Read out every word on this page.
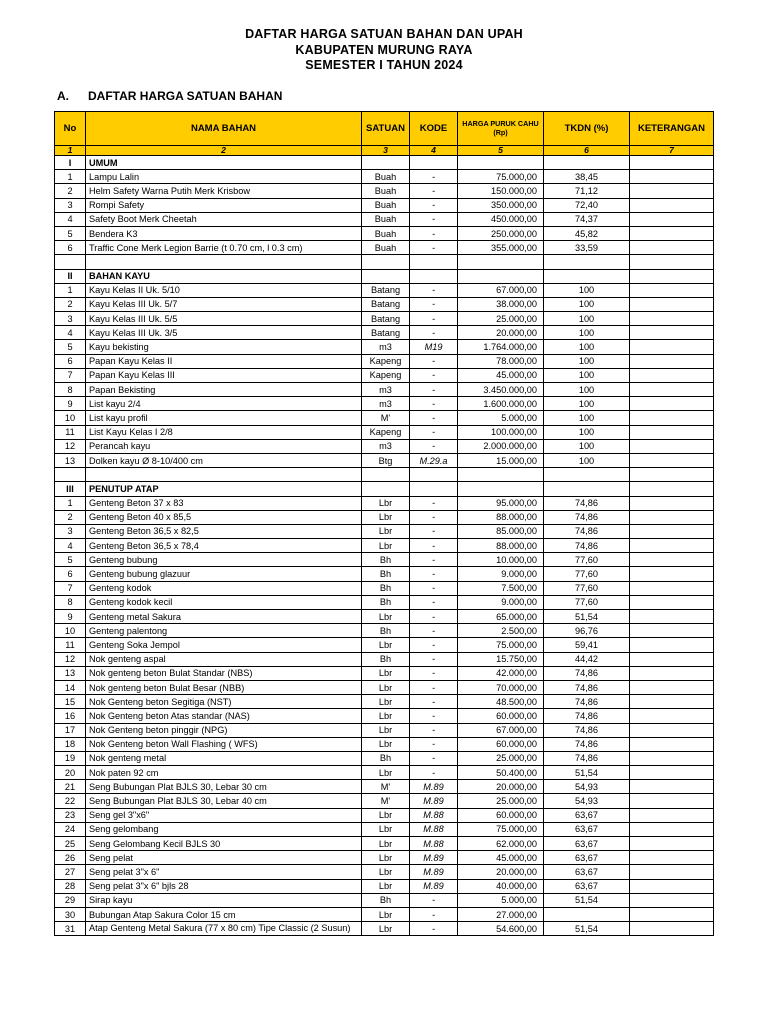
DAFTAR HARGA SATUAN BAHAN DAN UPAH
KABUPATEN MURUNG RAYA
SEMESTER I TAHUN 2024
A. DAFTAR HARGA SATUAN BAHAN
No	NAMA BAHAN	SATUAN	KODE	HARGA PURUK CAHU (Rp)	TKDN (%)	KETERANGAN
1	2	3	4	5	6	7
I	UMUM					
1	Lampu Lalin	Buah	-	75.000,00	38,45	
2	Helm Safety Warna Putih Merk Krisbow	Buah	-	150.000,00	71,12	
3	Rompi Safety	Buah	-	350.000,00	72,40	
4	Safety Boot Merk Cheetah	Buah	-	450.000,00	74,37	
5	Bendera K3	Buah	-	250.000,00	45,82	
6	Traffic Cone Merk Legion Barrie (t 0.70 cm, l 0.3 cm)	Buah	-	355.000,00	33,59	

II	BAHAN KAYU					
1	Kayu Kelas II Uk. 5/10	Batang	-	67.000,00	100	
2	Kayu Kelas III Uk. 5/7	Batang	-	38.000,00	100	
3	Kayu Kelas III Uk. 5/5	Batang	-	25.000,00	100	
4	Kayu Kelas III Uk. 3/5	Batang	-	20.000,00	100	
5	Kayu bekisting	m3	M19	1.764.000,00	100	
6	Papan Kayu Kelas II	Kapeng	-	78.000,00	100	
7	Papan Kayu Kelas III	Kapeng	-	45.000,00	100	
8	Papan Bekisting	m3	-	3.450.000,00	100	
9	List kayu 2/4	m3	-	1.600.000,00	100	
10	List kayu profil	M'	-	5.000,00	100	
11	List Kayu Kelas I 2/8	Kapeng	-	100.000,00	100	
12	Perancah kayu	m3	-	2.000.000,00	100	
13	Dolken kayu Ø 8-10/400 cm	Btg	M.29.a	15.000,00	100	

III	PENUTUP ATAP					
1	Genteng Beton 37 x 83	Lbr	-	95.000,00	74,86	
2	Genteng Beton 40 x 85,5	Lbr	-	88.000,00	74,86	
3	Genteng Beton 36,5 x 82,5	Lbr	-	85.000,00	74,86	
4	Genteng Beton 36,5 x 78,4	Lbr	-	88.000,00	74,86	
5	Genteng bubung	Bh	-	10.000,00	77,60	
6	Genteng bubung glazuur	Bh	-	9.000,00	77,60	
7	Genteng kodok	Bh	-	7.500,00	77,60	
8	Genteng kodok kecil	Bh	-	9.000,00	77,60	
9	Genteng metal Sakura	Lbr	-	65.000,00	51,54	
10	Genteng palentong	Bh	-	2.500,00	96,76	
11	Genteng Soka Jempol	Lbr	-	75.000,00	59,41	
12	Nok genteng aspal	Bh	-	15.750,00	44,42	
13	Nok genteng beton Bulat Standar (NBS)	Lbr	-	42.000,00	74,86	
14	Nok genteng beton Bulat Besar (NBB)	Lbr	-	70.000,00	74,86	
15	Nok Genteng beton Segitiga (NST)	Lbr	-	48.500,00	74,86	
16	Nok Genteng beton Atas standar (NAS)	Lbr	-	60.000,00	74,86	
17	Nok Genteng beton pinggir (NPG)	Lbr	-	67.000,00	74,86	
18	Nok Genteng beton Wall Flashing ( WFS)	Lbr	-	60.000,00	74,86	
19	Nok genteng metal	Bh	-	25.000,00	74,86	
20	Nok paten 92 cm	Lbr	-	50.400,00	51,54	
21	Seng Bubungan Plat BJLS 30, Lebar 30 cm	M'	M.89	20.000,00	54,93	
22	Seng Bubungan Plat BJLS 30, Lebar 40 cm	M'	M.89	25.000,00	54,93	
23	Seng gel 3"x6"	Lbr	M.88	60.000,00	63,67	
24	Seng gelombang	Lbr	M.88	75.000,00	63,67	
25	Seng Gelombang Kecil BJLS 30	Lbr	M.88	62.000,00	63,67	
26	Seng pelat	Lbr	M.89	45.000,00	63,67	
27	Seng pelat 3"x 6"	Lbr	M.89	20.000,00	63,67	
28	Seng pelat 3"x 6" bjls 28	Lbr	M.89	40.000,00	63,67	
29	Sirap kayu	Bh	-	5.000,00	51,54	
30	Bubungan Atap Sakura Color 15 cm	Lbr	-	27.000,00		
31	Atap Genteng Metal Sakura (77 x 80 cm) Tipe Classic (2 Susun)	Lbr	-	54.600,00	51,54	
